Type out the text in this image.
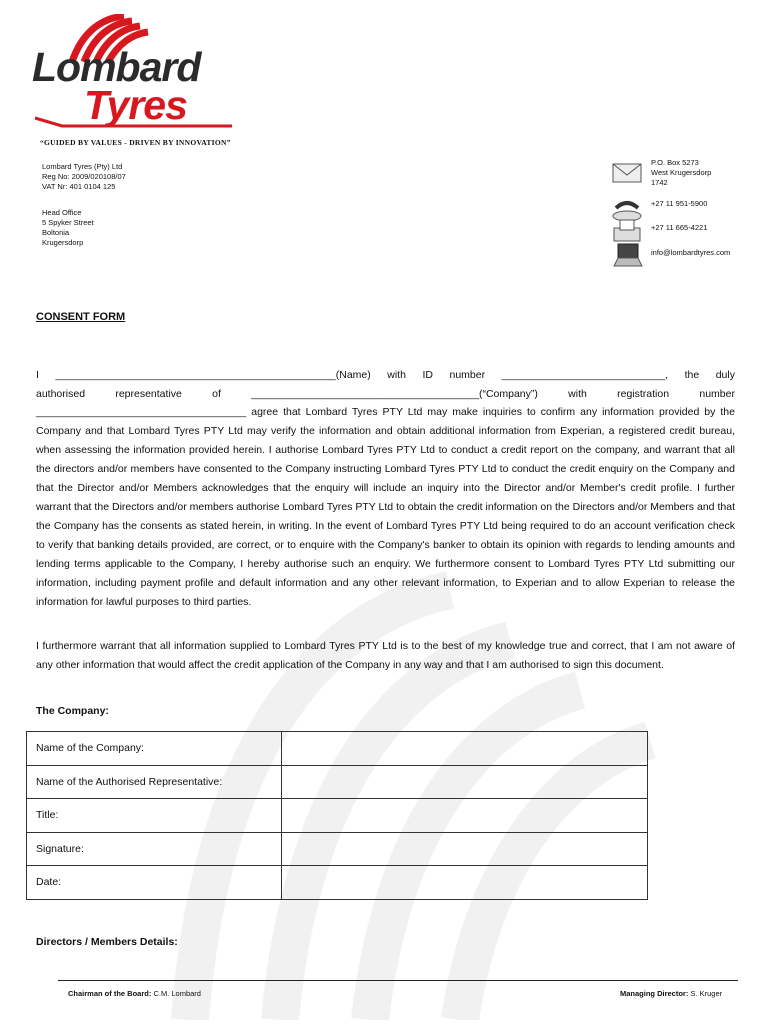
Lombard
Tyres
“GUIDED BY VALUES - DRIVEN BY INNOVATION”
Lombard Tyres (Pty) Ltd
Reg No: 2009/020108/07
VAT Nr: 401 0104 125
Head Office
5 Spyker Street
Boltonia
Krugersdorp
P.O. Box 5273
West Krugersdorp
1742
+27 11 951-5900
+27 11 665-4221
info@lombardtyres.com
CONSENT FORM
I ________________________________________________(Name) with ID number ____________________________, the duly
authorised	representative	of	_______________________________________(“Company”)	with	registration	number
____________________________________ agree that Lombard Tyres PTY Ltd may make inquiries to confirm any information provided by the Company and that Lombard Tyres PTY Ltd may verify the information and obtain additional information from Experian, a registered credit bureau, when assessing the information provided herein. I authorise Lombard Tyres PTY Ltd to conduct a credit report on the company, and warrant that all the directors and/or members have consented to the Company instructing Lombard Tyres PTY Ltd to conduct the credit enquiry on the Company and that the Director and/or Members acknowledges that the enquiry will include an inquiry into the Director and/or Member's credit profile. I further warrant that the Directors and/or members authorise Lombard Tyres PTY Ltd to obtain the credit information on the Directors and/or Members and that the Company has the consents as stated herein, in writing. In the event of Lombard Tyres PTY Ltd being required to do an account verification check to verify that banking details provided, are correct, or to enquire with the Company's banker to obtain its opinion with regards to lending amounts and lending terms applicable to the Company, I hereby authorise such an enquiry. We furthermore consent to Lombard Tyres PTY Ltd submitting our information, including payment profile and default information and any other relevant information, to Experian and to allow Experian to release the information for lawful purposes to third parties.
I furthermore warrant that all information supplied to Lombard Tyres PTY Ltd is to the best of my knowledge true and correct, that I am not aware of any other information that would affect the credit application of the Company in any way and that I am authorised to sign this document.
The Company:
Name of the Company:	
Name of the Authorised Representative:	
Title:	
Signature:	
Date:	
Directors / Members Details:
Chairman of the Board: C.M. Lombard	Managing Director: S. Kruger
